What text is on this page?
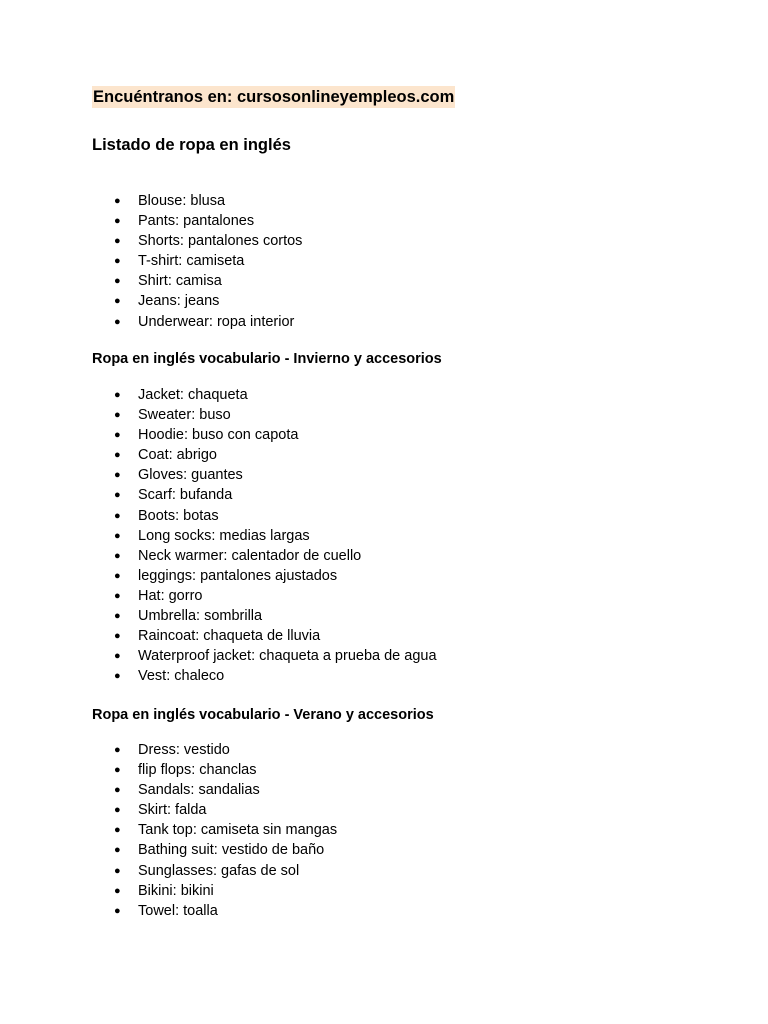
Encuéntranos en: cursosonlineyempleos.com
Listado de ropa en inglés
● Blouse: blusa
● Pants: pantalones
● Shorts: pantalones cortos
● T-shirt: camiseta
● Shirt: camisa
● Jeans: jeans
● Underwear: ropa interior
Ropa en inglés vocabulario - Invierno y accesorios
● Jacket: chaqueta
● Sweater: buso
● Hoodie: buso con capota
● Coat: abrigo
● Gloves: guantes
● Scarf: bufanda
● Boots: botas
● Long socks: medias largas
● Neck warmer: calentador de cuello
● leggings: pantalones ajustados
● Hat: gorro
● Umbrella: sombrilla
● Raincoat: chaqueta de lluvia
● Waterproof jacket: chaqueta a prueba de agua
● Vest: chaleco
Ropa en inglés vocabulario - Verano y accesorios
● Dress: vestido
● flip flops: chanclas
● Sandals: sandalias
● Skirt: falda
● Tank top: camiseta sin mangas
● Bathing suit: vestido de baño
● Sunglasses: gafas de sol
● Bikini: bikini
● Towel: toalla
